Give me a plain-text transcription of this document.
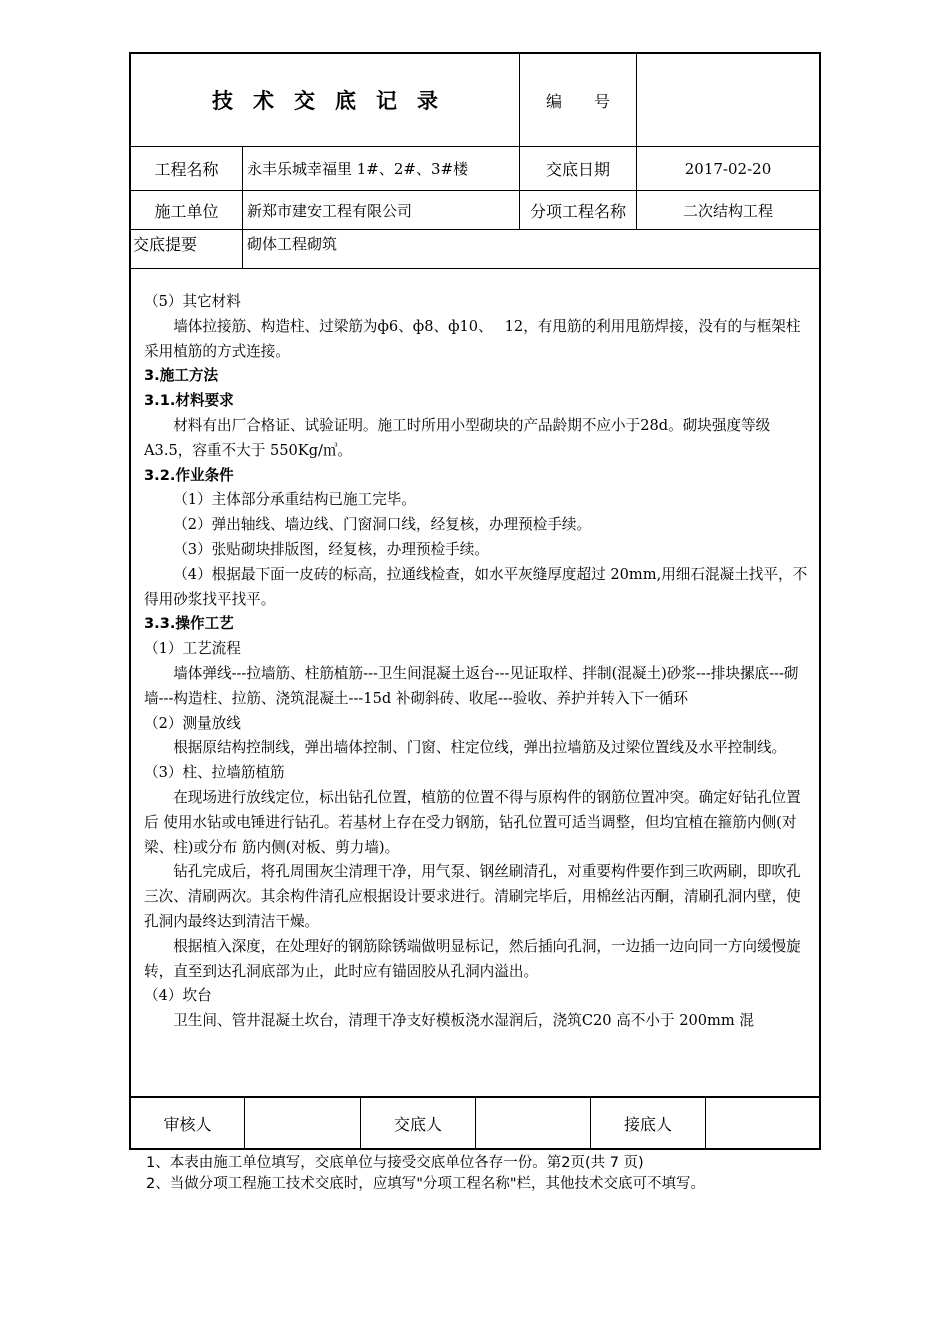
技术交底记录	编　　号
工程名称	永丰乐城幸福里 1#、2#、3#楼	交底日期	2017-02-20
施工单位	新郑市建安工程有限公司	分项工程名称	二次结构工程
交底提要	砌体工程砌筑

（5）其它材料

墙体拉接筋、构造柱、过梁筋为ф6、ф8、ф10、　 12，有甩筋的利用甩筋焊接，没有的与框架柱采用植筋的方式连接。

3.施工方法

3.1.材料要求

材料有出厂合格证、试验证明。施工时所用小型砌块的产品龄期不应小于28d。砌块强度等级 A3.5，容重不大于 550Kg/㎥。

3.2.作业条件

（1）主体部分承重结构已施工完毕。

（2）弹出轴线、墙边线、门窗洞口线，经复核，办理预检手续。

（3）张贴砌块排版图，经复核，办理预检手续。

（4）根据最下面一皮砖的标高，拉通线检查，如水平灰缝厚度超过 20mm,用细石混凝土找平，不得用砂浆找平找平。

3.3.操作工艺

（1）工艺流程

墙体弹线---拉墙筋、柱筋植筋---卫生间混凝土返台---见证取样、拌制(混凝土)砂浆---排块摞底---砌墙---构造柱、拉筋、浇筑混凝土---15d 补砌斜砖、收尾---验收、养护并转入下一循环

（2）测量放线

根据原结构控制线，弹出墙体控制、门窗、柱定位线，弹出拉墙筋及过梁位置线及水平控制线。

（3）柱、拉墙筋植筋

在现场进行放线定位，标出钻孔位置，植筋的位置不得与原构件的钢筋位置冲突。确定好钻孔位置后 使用水钻或电锤进行钻孔。若基材上存在受力钢筋，钻孔位置可适当调整，但均宜植在箍筋内侧(对梁、柱)或分布 筋内侧(对板、剪力墙)。

钻孔完成后，将孔周围灰尘清理干净，用气泵、钢丝刷清孔，对重要构件要作到三吹两刷，即吹孔三次、清刷两次。其余构件清孔应根据设计要求进行。清刷完毕后，用棉丝沾丙酮，清刷孔洞内壁，使孔洞内最终达到清洁干燥。

根据植入深度，在处理好的钢筋除锈端做明显标记，然后插向孔洞，一边插一边向同一方向缓慢旋转，直至到达孔洞底部为止，此时应有锚固胶从孔洞内溢出。

（4）坎台

卫生间、管井混凝土坎台，清理干净支好模板浇水湿润后，浇筑C20 高不小于 200mm 混

审核人	交底人	接底人

1、本表由施工单位填写，交底单位与接受交底单位各存一份。第2页(共 7 页)

2、当做分项工程施工技术交底时，应填写"分项工程名称"栏，其他技术交底可不填写。
